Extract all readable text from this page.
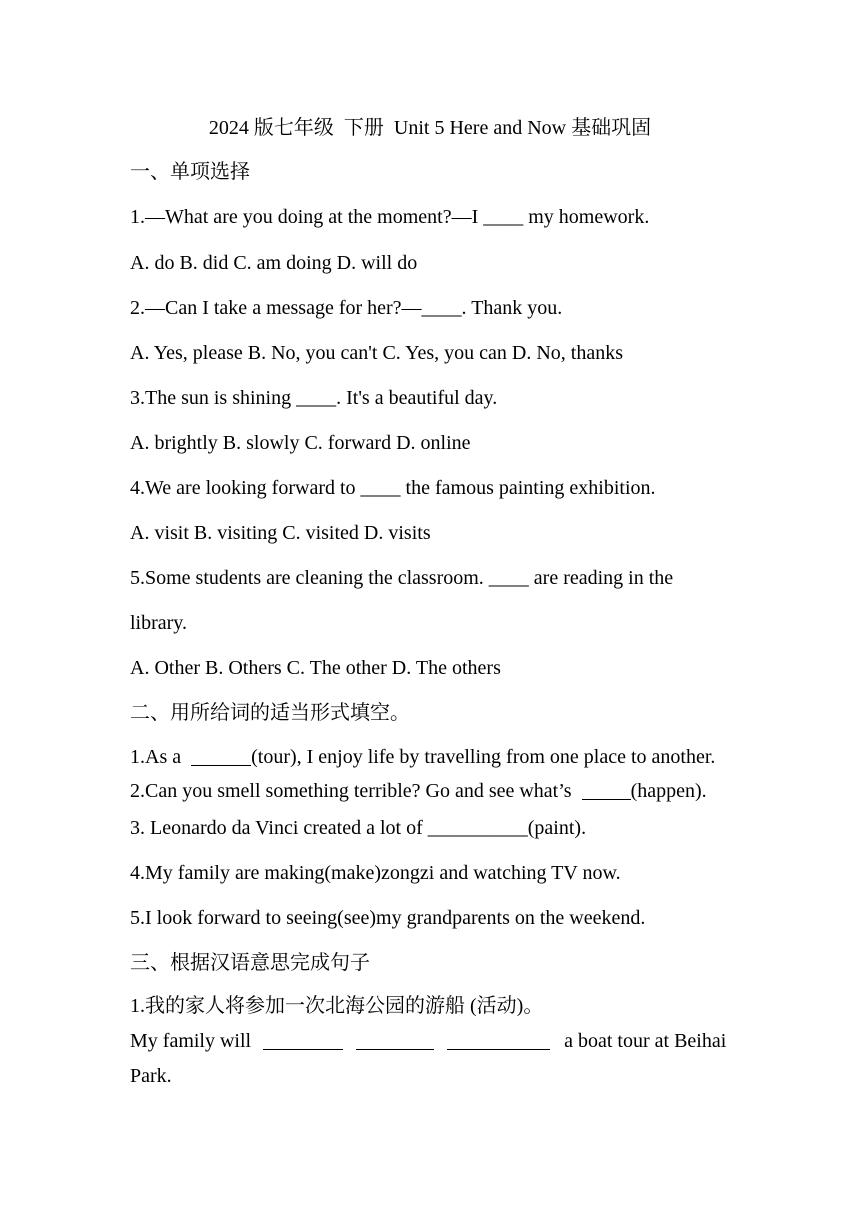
2024 版七年级  下册  Unit 5 Here and Now 基础巩固
一、单项选择
1.—What are you doing at the moment?—I ____ my homework.
A. do B. did C. am doing D. will do
2.—Can I take a message for her?—____. Thank you.
A. Yes, please B. No, you can't C. Yes, you can D. No, thanks
3.The sun is shining ____. It's a beautiful day.
A. brightly B. slowly C. forward D. online
4.We are looking forward to ____ the famous painting exhibition.
A. visit B. visiting C. visited D. visits
5.Some students are cleaning the classroom. ____ are reading in the
library.
A. Other B. Others C. The other D. The others
二、用所给词的适当形式填空。
1.As a	(tour), I enjoy life by travelling from one place to another.
2.Can you smell something terrible? Go and see what’s	(happen).
3. Leonardo da Vinci created a lot of __________(paint).
4.My family are making(make)zongzi and watching TV now.
5.I look forward to seeing(see)my grandparents on the weekend.
三、根据汉语意思完成句子
1.我的家人将参加一次北海公园的游船 (活动)。
My family will	a boat tour at Beihai
Park.
